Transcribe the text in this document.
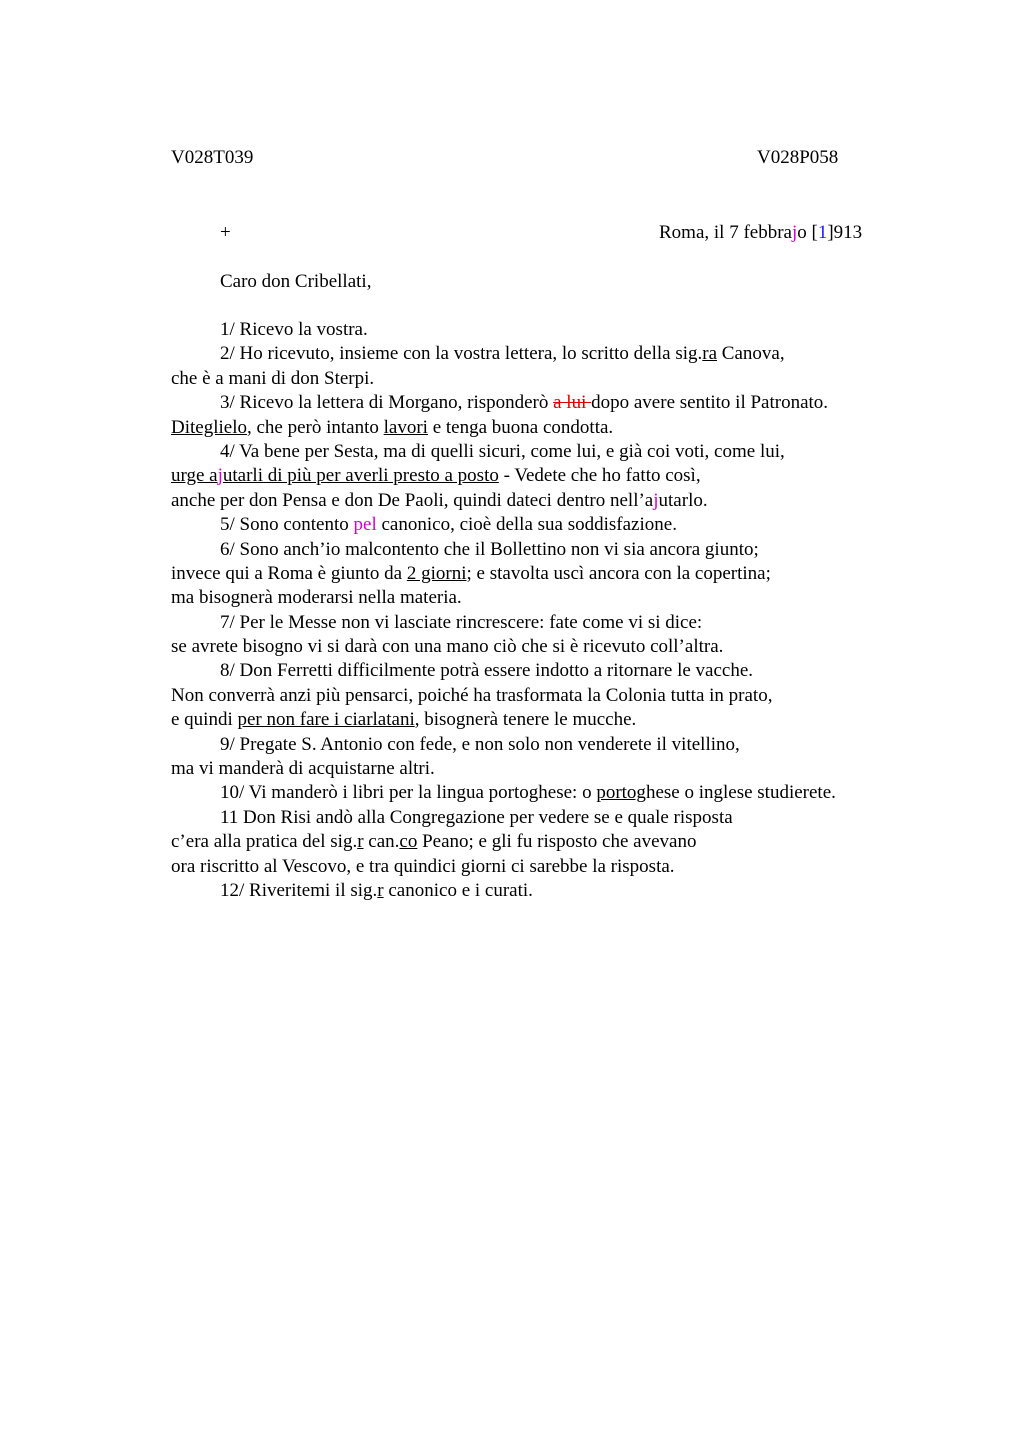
V028T039	V028P058
+	Roma, il 7 febbrajo [1]913
Caro don Cribellati,
1/ Ricevo la vostra.
2/ Ho ricevuto, insieme con la vostra lettera, lo scritto della sig.ra Canova,
che è a mani di don Sterpi.
3/ Ricevo la lettera di Morgano, risponderò a lui dopo avere sentito il Patronato.
Diteglielo, che però intanto lavori e tenga buona condotta.
4/ Va bene per Sesta, ma di quelli sicuri, come lui, e già coi voti, come lui,
urge ajutarli di più per averli presto a posto - Vedete che ho fatto così,
anche per don Pensa e don De Paoli, quindi dateci dentro nell’ajutarlo.
5/ Sono contento pel canonico, cioè della sua soddisfazione.
6/ Sono anch’io malcontento che il Bollettino non vi sia ancora giunto;
invece qui a Roma è giunto da 2 giorni; e stavolta uscì ancora con la copertina;
ma bisognerà moderarsi nella materia.
7/ Per le Messe non vi lasciate rincrescere: fate come vi si dice:
se avrete bisogno vi si darà con una mano ciò che si è ricevuto coll’altra.
8/ Don Ferretti difficilmente potrà essere indotto a ritornare le vacche.
Non converrà anzi più pensarci, poiché ha trasformata la Colonia tutta in prato,
e quindi per non fare i ciarlatani, bisognerà tenere le mucche.
9/ Pregate S. Antonio con fede, e non solo non venderete il vitellino,
ma vi manderà di acquistarne altri.
10/ Vi manderò i libri per la lingua portoghese: o portoghese o inglese studierete.
11 Don Risi andò alla Congregazione per vedere se e quale risposta
c’era alla pratica del sig.r can.co Peano; e gli fu risposto che avevano
ora riscritto al Vescovo, e tra quindici giorni ci sarebbe la risposta.
12/ Riveritemi il sig.r canonico e i curati.
